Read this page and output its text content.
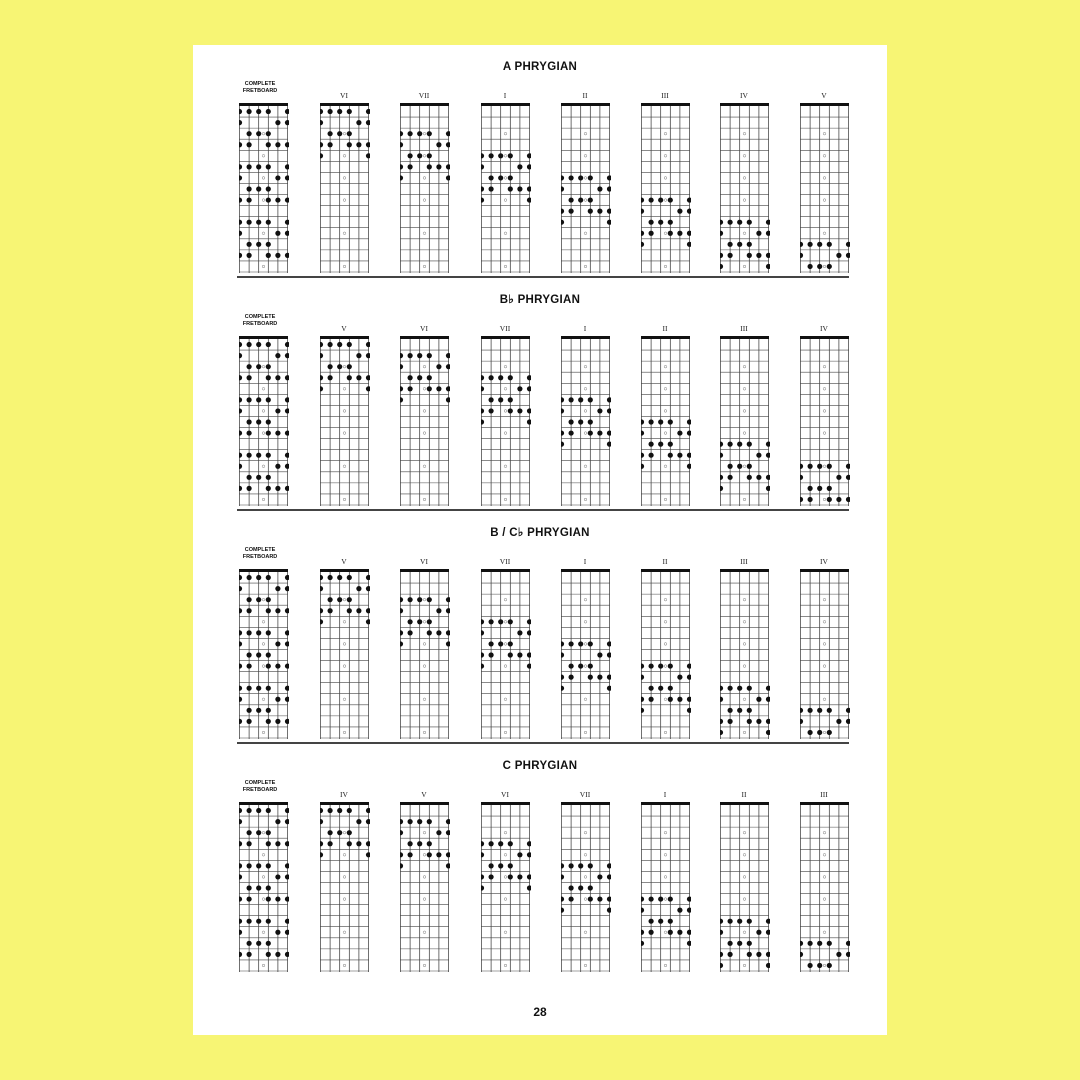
A PHRYGIAN
COMPLETE
FRETBOARD
VI	VII	I	II	III	IV	V
B♭ PHRYGIAN
COMPLETE
FRETBOARD
V	VI	VII	I	II	III	IV
B / C♭ PHRYGIAN
COMPLETE
FRETBOARD
V	VI	VII	I	II	III	IV
C PHRYGIAN
COMPLETE
FRETBOARD
IV	V	VI	VII	I	II	III
28
